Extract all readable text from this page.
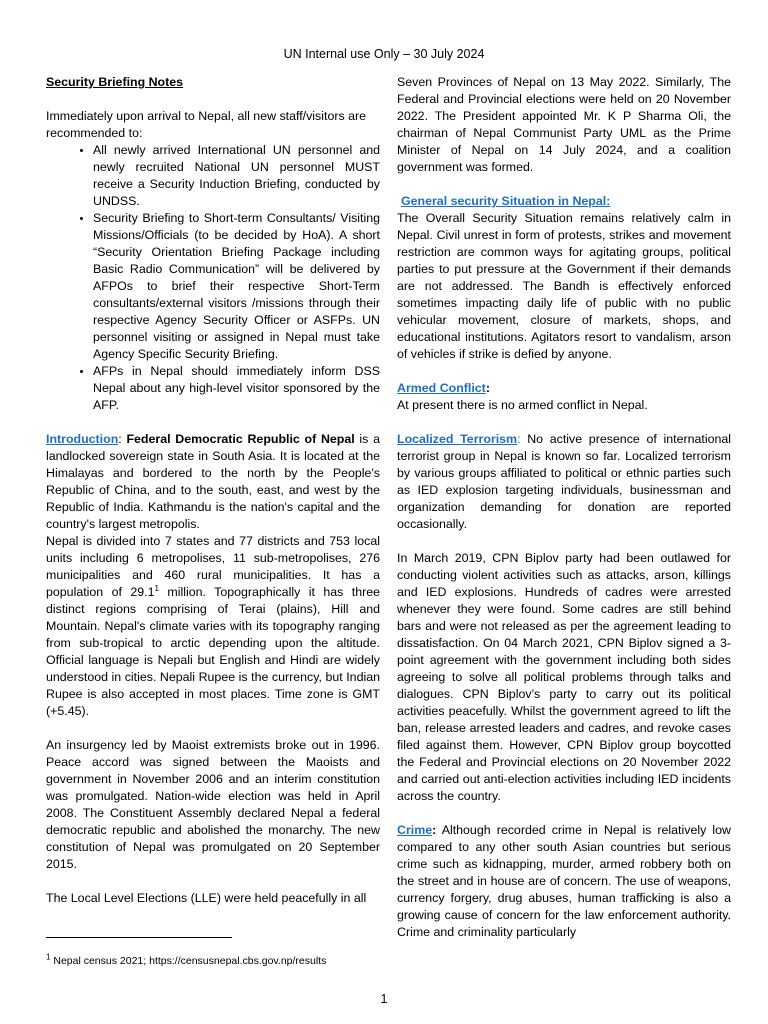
UN Internal use Only – 30 July 2024

Security Briefing Notes

Immediately upon arrival to Nepal, all new staff/visitors are recommended to:

• All newly arrived International UN personnel and newly recruited National UN personnel MUST receive a Security Induction Briefing, conducted by UNDSS.
• Security Briefing to Short-term Consultants/ Visiting Missions/Officials (to be decided by HoA). A short “Security Orientation Briefing Package including Basic Radio Communication” will be delivered by AFPOs to brief their respective Short-Term consultants/external visitors /missions through their respective Agency Security Officer or ASFPs. UN personnel visiting or assigned in Nepal must take Agency Specific Security Briefing.
• AFPs in Nepal should immediately inform DSS Nepal about any high-level visitor sponsored by the AFP.

Introduction: Federal Democratic Republic of Nepal is a landlocked sovereign state in South Asia. It is located at the Himalayas and bordered to the north by the People's Republic of China, and to the south, east, and west by the Republic of India. Kathmandu is the nation's capital and the country's largest metropolis.

Nepal is divided into 7 states and 77 districts and 753 local units including 6 metropolises, 11 sub-metropolises, 276 municipalities and 460 rural municipalities. It has a population of 29.1$^1$ million. Topographically it has three distinct regions comprising of Terai (plains), Hill and Mountain. Nepal's climate varies with its topography ranging from sub-tropical to arctic depending upon the altitude. Official language is Nepali but English and Hindi are widely understood in cities. Nepali Rupee is the currency, but Indian Rupee is also accepted in most places. Time zone is GMT (+5.45).

An insurgency led by Maoist extremists broke out in 1996. Peace accord was signed between the Maoists and government in November 2006 and an interim constitution was promulgated. Nation-wide election was held in April 2008. The Constituent Assembly declared Nepal a federal democratic republic and abolished the monarchy. The new constitution of Nepal was promulgated on 20 September 2015.

The Local Level Elections (LLE) were held peacefully in all

Seven Provinces of Nepal on 13 May 2022. Similarly, The Federal and Provincial elections were held on 20 November 2022. The President appointed Mr. K P Sharma Oli, the chairman of Nepal Communist Party UML as the Prime Minister of Nepal on 14 July 2024, and a coalition government was formed.

General security Situation in Nepal:

The Overall Security Situation remains relatively calm in Nepal. Civil unrest in form of protests, strikes and movement restriction are common ways for agitating groups, political parties to put pressure at the Government if their demands are not addressed. The Bandh is effectively enforced sometimes impacting daily life of public with no public vehicular movement, closure of markets, shops, and educational institutions. Agitators resort to vandalism, arson of vehicles if strike is defied by anyone.

Armed Conflict:

At present there is no armed conflict in Nepal.

Localized Terrorism: No active presence of international terrorist group in Nepal is known so far. Localized terrorism by various groups affiliated to political or ethnic parties such as IED explosion targeting individuals, businessman and organization demanding for donation are reported occasionally.

In March 2019, CPN Biplov party had been outlawed for conducting violent activities such as attacks, arson, killings and IED explosions. Hundreds of cadres were arrested whenever they were found. Some cadres are still behind bars and were not released as per the agreement leading to dissatisfaction. On 04 March 2021, CPN Biplov signed a 3-point agreement with the government including both sides agreeing to solve all political problems through talks and dialogues. CPN Biplov’s party to carry out its political activities peacefully. Whilst the government agreed to lift the ban, release arrested leaders and cadres, and revoke cases filed against them. However, CPN Biplov group boycotted the Federal and Provincial elections on 20 November 2022 and carried out anti-election activities including IED incidents across the country.

Crime: Although recorded crime in Nepal is relatively low compared to any other south Asian countries but serious crime such as kidnapping, murder, armed robbery both on the street and in house are of concern. The use of weapons, currency forgery, drug abuses, human trafficking is also a growing cause of concern for the law enforcement authority. Crime and criminality particularly

$^1$ Nepal census 2021; https://censusnepal.cbs.gov.np/results
1
